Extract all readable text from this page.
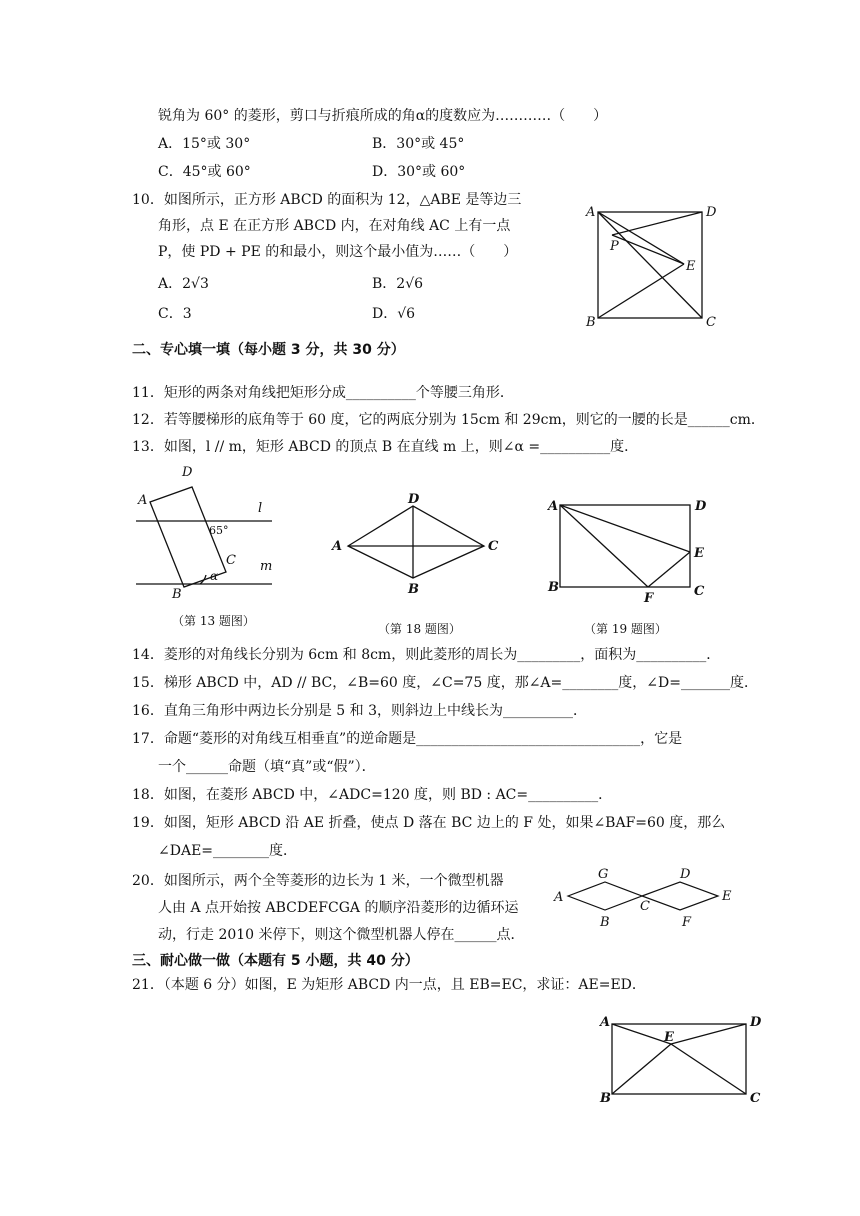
锐角为 60° 的菱形，剪口与折痕所成的角α的度数应为…………（　　）
A．15°或 30°	B．30°或 45°
C．45°或 60°	D．30°或 60°
10．如图所示，正方形 ABCD 的面积为 12，△ABE 是等边三
角形，点 E 在正方形 ABCD 内，在对角线 AC 上有一点
P，使 PD + PE 的和最小，则这个最小值为……（　　）
A．2√3	B．2√6
C．3	D．√6
二、专心填一填（每小题 3 分，共 30 分）
11．矩形的两条对角线把矩形分成__________个等腰三角形．
12．若等腰梯形的底角等于 60 度，它的两底分别为 15cm 和 29cm，则它的一腰的长是______cm．
13．如图，l // m，矩形 ABCD 的顶点 B 在直线 m 上，则∠α =__________度．
14．菱形的对角线长分别为 6cm 和 8cm，则此菱形的周长为_________，面积为__________．
15．梯形 ABCD 中，AD // BC，∠B=60 度，∠C=75 度，那∠A=________度，∠D=_______度．
16．直角三角形中两边长分别是 5 和 3，则斜边上中线长为__________．
17．命题“菱形的对角线互相垂直”的逆命题是________________________________，它是
一个______命题（填“真”或“假”）．
18．如图，在菱形 ABCD 中，∠ADC=120 度，则 BD : AC=__________．
19．如图，矩形 ABCD 沿 AE 折叠，使点 D 落在 BC 边上的 F 处，如果∠BAF=60 度，那么
∠DAE=________度．
20．如图所示，两个全等菱形的边长为 1 米，一个微型机器
人由 A 点开始按 ABCDEFCGA 的顺序沿菱形的边循环运
动，行走 2010 米停下，则这个微型机器人停在______点．
三、耐心做一做（本题有 5 小题，共 40 分）
21．（本题 6 分）如图，E 为矩形 ABCD 内一点，且 EB=EC，求证：AE=ED．
A	D
P
E
B	C
D
A
l
65°
C
α
m
B
（第 13 题图）
D
A	C
B
（第 18 题图）
A	D
E
B
F	C
（第 19 题图）
G	D
A
C
E
B	F
A	D
E
B	C
